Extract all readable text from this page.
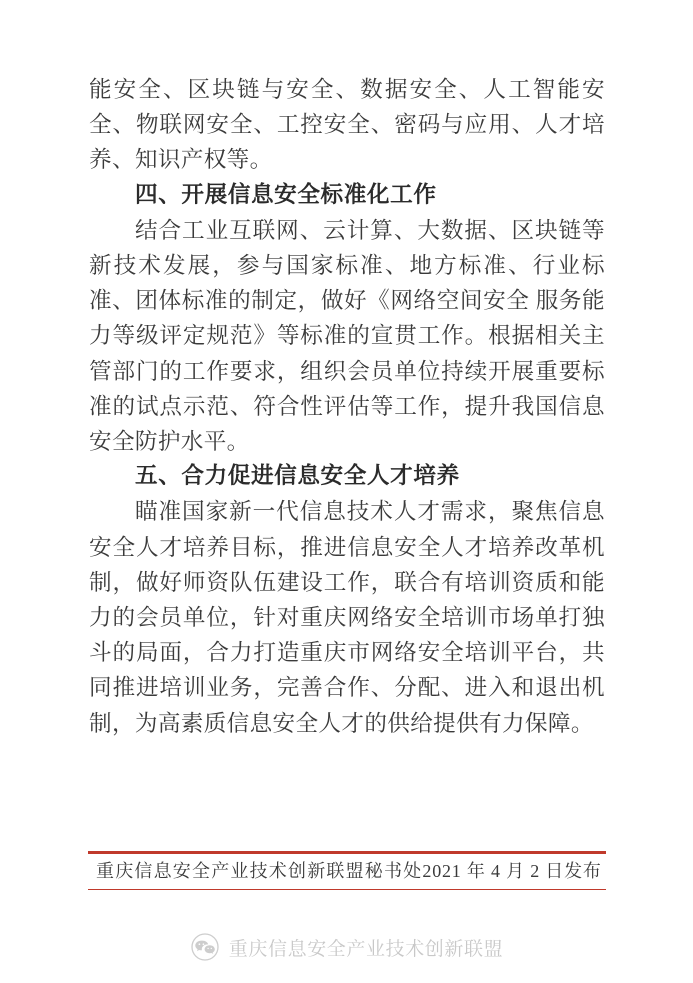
能安全、区块链与安全、数据安全、人工智能安全、物联网安全、工控安全、密码与应用、人才培养、知识产权等。

四、开展信息安全标准化工作

结合工业互联网、云计算、大数据、区块链等新技术发展，参与国家标准、地方标准、行业标准、团体标准的制定，做好《网络空间安全 服务能力等级评定规范》等标准的宣贯工作。根据相关主管部门的工作要求，组织会员单位持续开展重要标准的试点示范、符合性评估等工作，提升我国信息安全防护水平。

五、合力促进信息安全人才培养

瞄准国家新一代信息技术人才需求，聚焦信息安全人才培养目标，推进信息安全人才培养改革机制，做好师资队伍建设工作，联合有培训资质和能力的会员单位，针对重庆网络安全培训市场单打独斗的局面，合力打造重庆市网络安全培训平台，共同推进培训业务，完善合作、分配、进入和退出机制，为高素质信息安全人才的供给提供有力保障。

重庆信息安全产业技术创新联盟秘书处 2021 年 4 月 2 日发布
重庆信息安全产业技术创新联盟
